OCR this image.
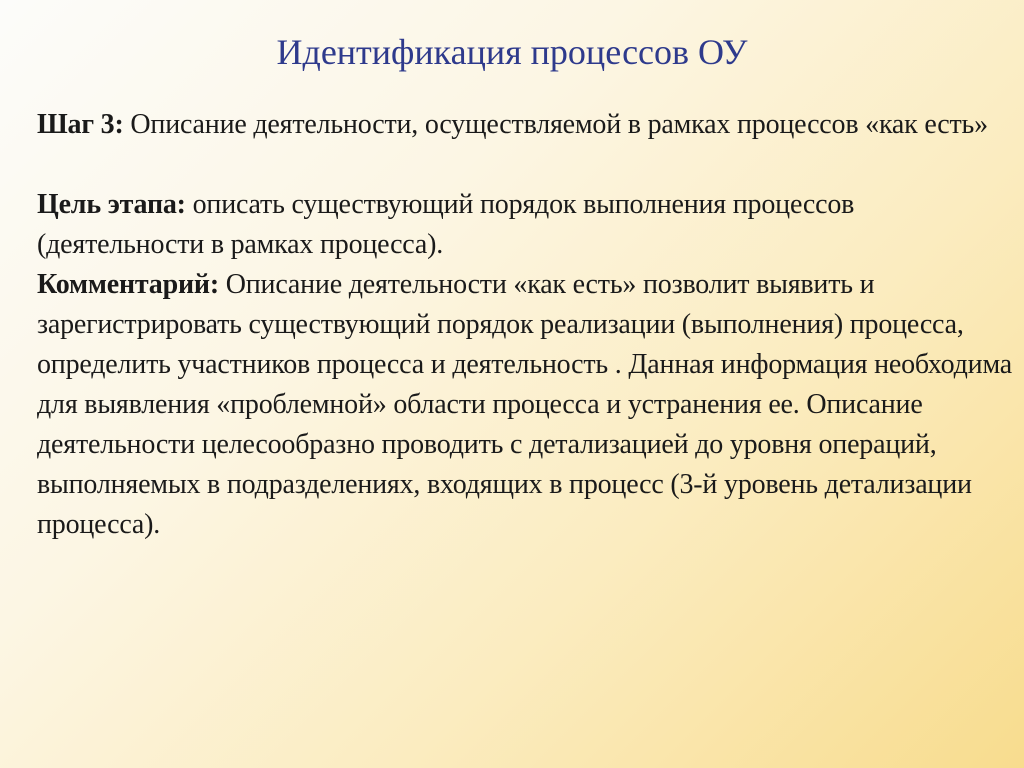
Идентификация процессов ОУ

Шаг 3: Описание деятельности, осуществляемой в рамках процессов «как есть»

Цель этапа: описать существующий порядок выполнения процессов (деятельности в рамках процесса).

Комментарий: Описание деятельности «как есть» позволит выявить и зарегистрировать существующий порядок реализации (выполнения) процесса, определить участников процесса и деятельность . Данная информация необходима для выявления «проблемной» области процесса и устранения ее. Описание деятельности целесообразно проводить с детализацией до уровня операций, выполняемых в подразделениях, входящих в процесс (3-й уровень детализации процесса).
